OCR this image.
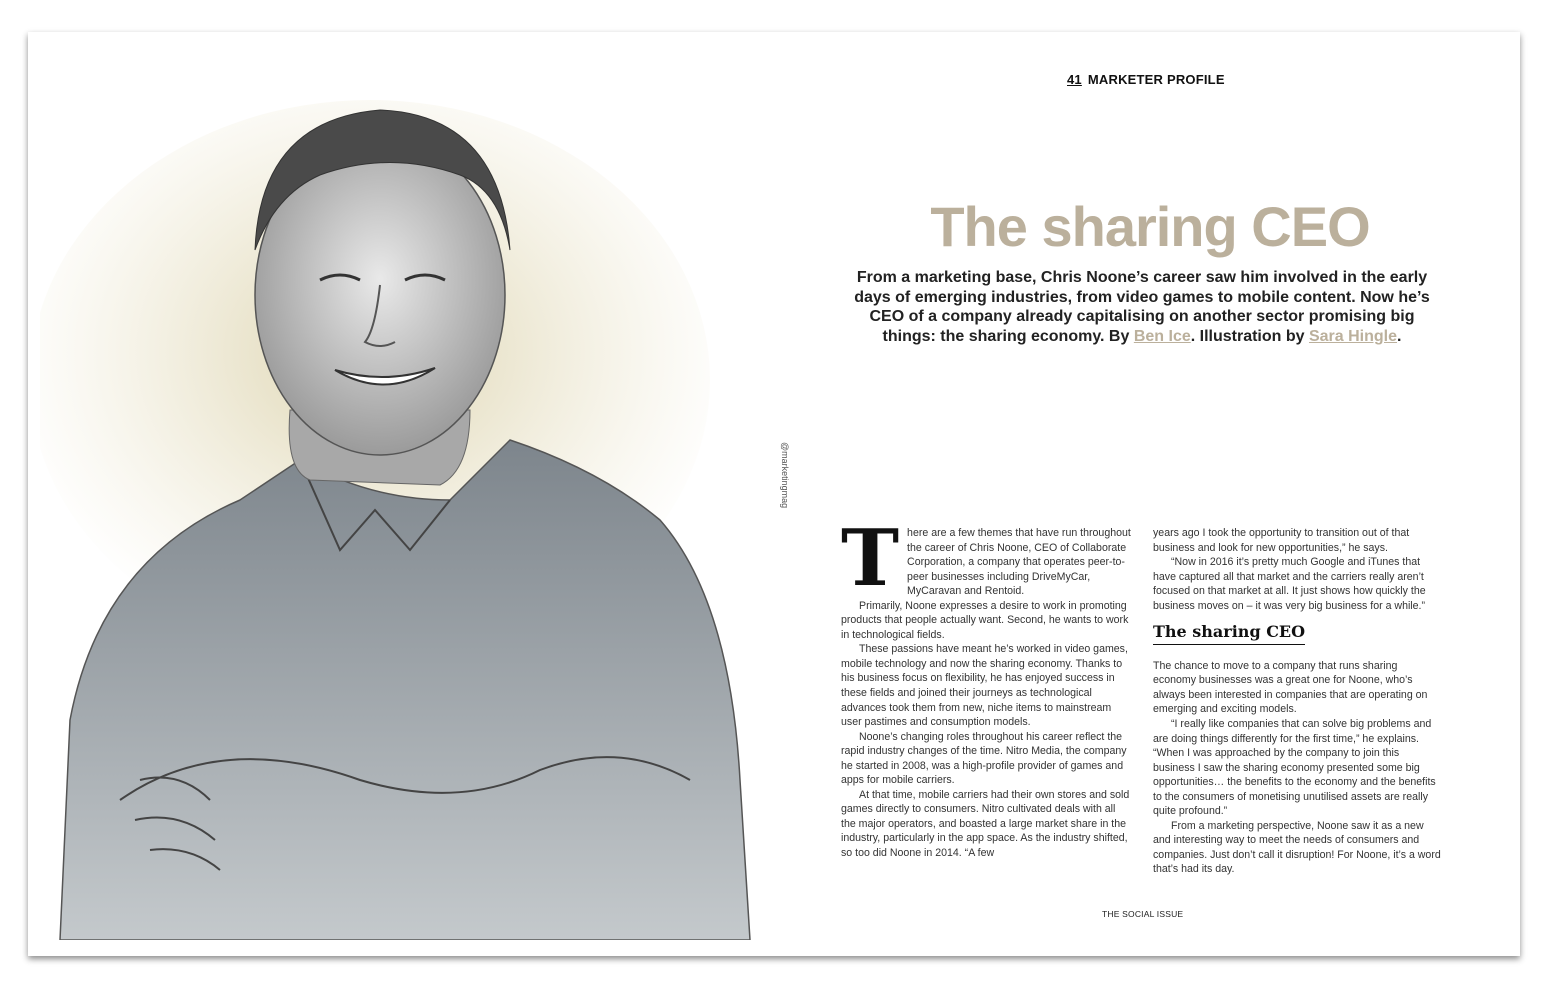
@marketingmag
41 MARKETER PROFILE
The sharing CEO
From a marketing base, Chris Noone’s career saw him involved in the early days of emerging industries, from video games to mobile content. Now he’s CEO of a company already capitalising on another sector promising big things: the sharing economy. By Ben Ice. Illustration by Sara Hingle.
T here are a few themes that have run throughout the career of Chris Noone, CEO of Collaborate Corporation, a company that operates peer-to-peer businesses including DriveMyCar, MyCaravan and Rentoid.

Primarily, Noone expresses a desire to work in promoting products that people actually want. Second, he wants to work in technological fields.

These passions have meant he’s worked in video games, mobile technology and now the sharing economy. Thanks to his business focus on flexibility, he has enjoyed success in these fields and joined their journeys as technological advances took them from new, niche items to mainstream user pastimes and consumption models.

Noone’s changing roles throughout his career reflect the rapid industry changes of the time. Nitro Media, the company he started in 2008, was a high-profile provider of games and apps for mobile carriers.

At that time, mobile carriers had their own stores and sold games directly to consumers. Nitro cultivated deals with all the major operators, and boasted a large market share in the industry, particularly in the app space. As the industry shifted, so too did Noone in 2014. “A few

years ago I took the opportunity to transition out of that business and look for new opportunities,” he says.

“Now in 2016 it’s pretty much Google and iTunes that have captured all that market and the carriers really aren’t focused on that market at all. It just shows how quickly the business moves on – it was very big business for a while.”

The sharing CEO

The chance to move to a company that runs sharing economy businesses was a great one for Noone, who’s always been interested in companies that are operating on emerging and exciting models.

“I really like companies that can solve big problems and are doing things differently for the first time,” he explains. “When I was approached by the company to join this business I saw the sharing economy presented some big opportunities… the benefits to the economy and the benefits to the consumers of monetising unutilised assets are really quite profound.”

From a marketing perspective, Noone saw it as a new and interesting way to meet the needs of consumers and companies. Just don’t call it disruption! For Noone, it’s a word that’s had its day.

THE SOCIAL ISSUE
